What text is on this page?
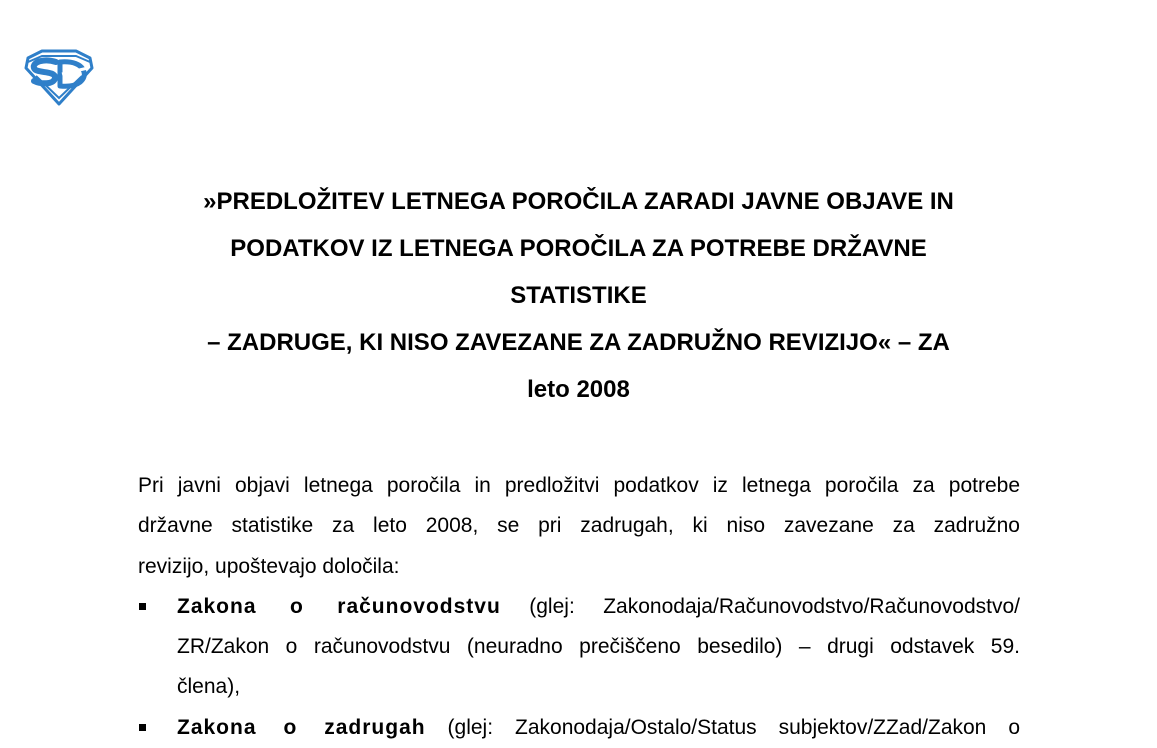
»PREDLOŽITEV LETNEGA POROČILA ZARADI JAVNE OBJAVE IN
PODATKOV IZ LETNEGA POROČILA ZA POTREBE DRŽAVNE
STATISTIKE
– ZADRUGE, KI NISO ZAVEZANE ZA ZADRUŽNO REVIZIJO« – ZA
leto 2008
Pri javni objavi letnega poročila in predložitvi podatkov iz letnega poročila za potrebe
državne statistike za leto 2008, se pri zadrugah, ki niso zavezane za zadružno
revizijo, upoštevajo določila:
Zakona o računovodstvu (glej: Zakonodaja/Računovodstvo/Računovodstvo/
ZR/Zakon o računovodstvu (neuradno prečiščeno besedilo) – drugi odstavek 59.
člena),
Zakona o zadrugah (glej: Zakonodaja/Ostalo/Status subjektov/ZZad/Zakon o
